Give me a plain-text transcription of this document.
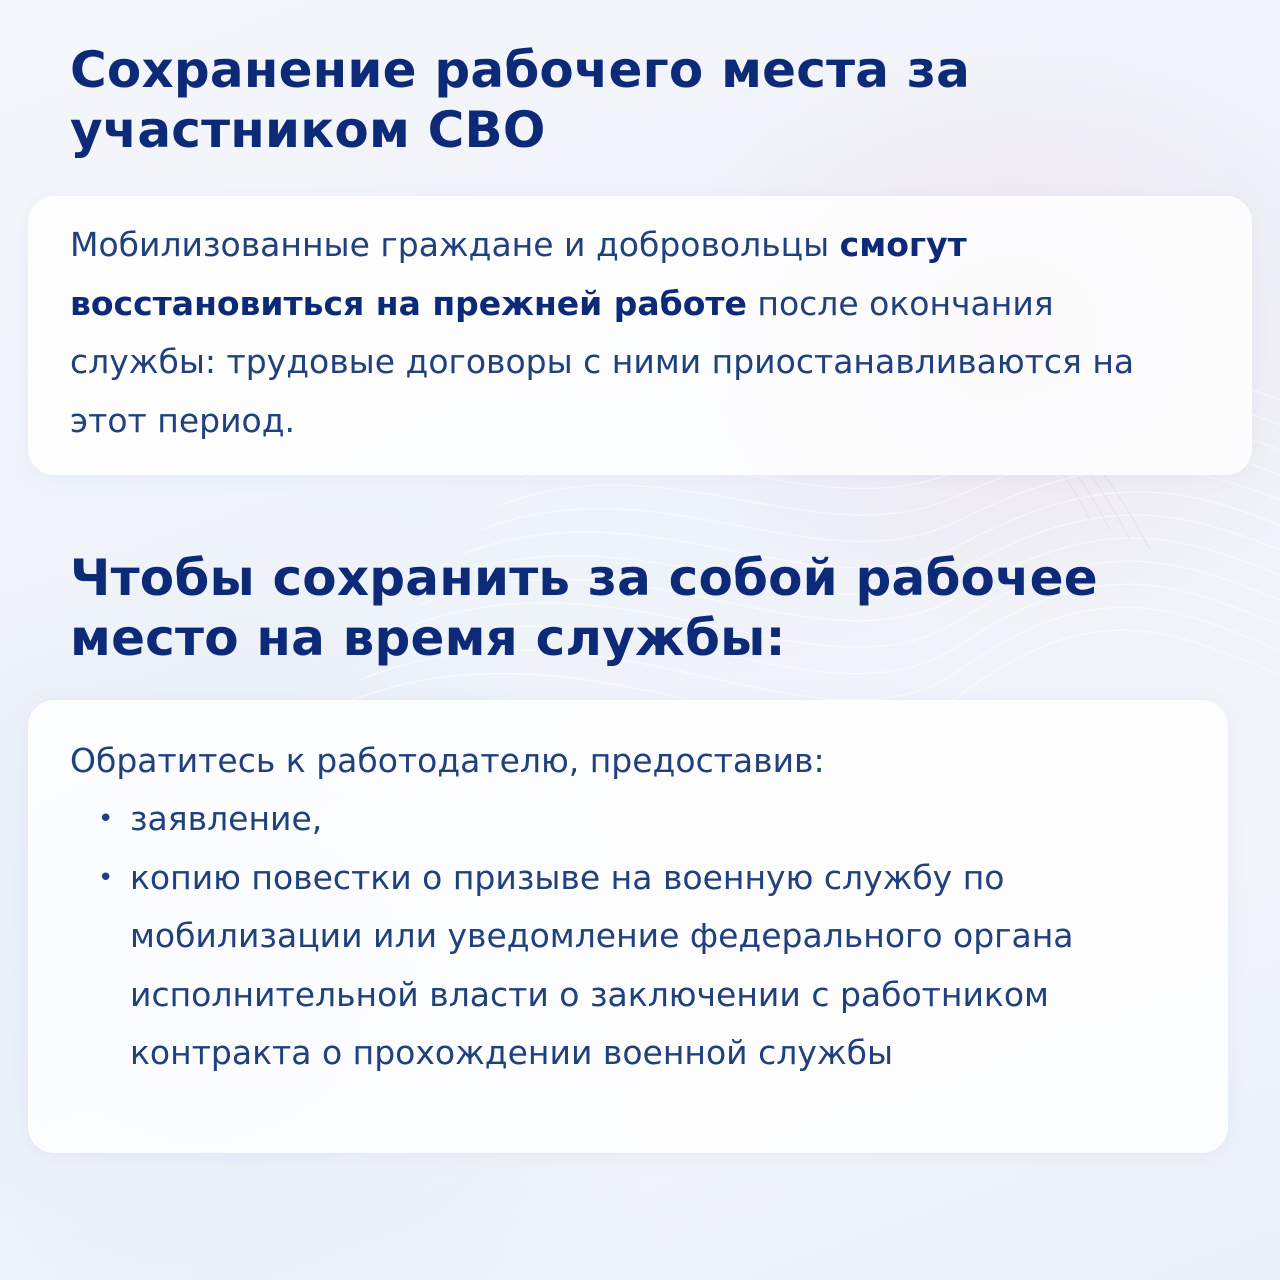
Сохранение рабочего места за участником СВО

Мобилизованные граждане и добровольцы смогут восстановиться на прежней работе после окончания службы: трудовые договоры с ними приостанавливаются на этот период.

Чтобы сохранить за собой рабочее место на время службы:

Обратитесь к работодателю, предоставив:

• заявление,
• копию повестки о призыве на военную службу по мобилизации или уведомление федерального органа исполнительной власти о заключении с работником контракта о прохождении военной службы
